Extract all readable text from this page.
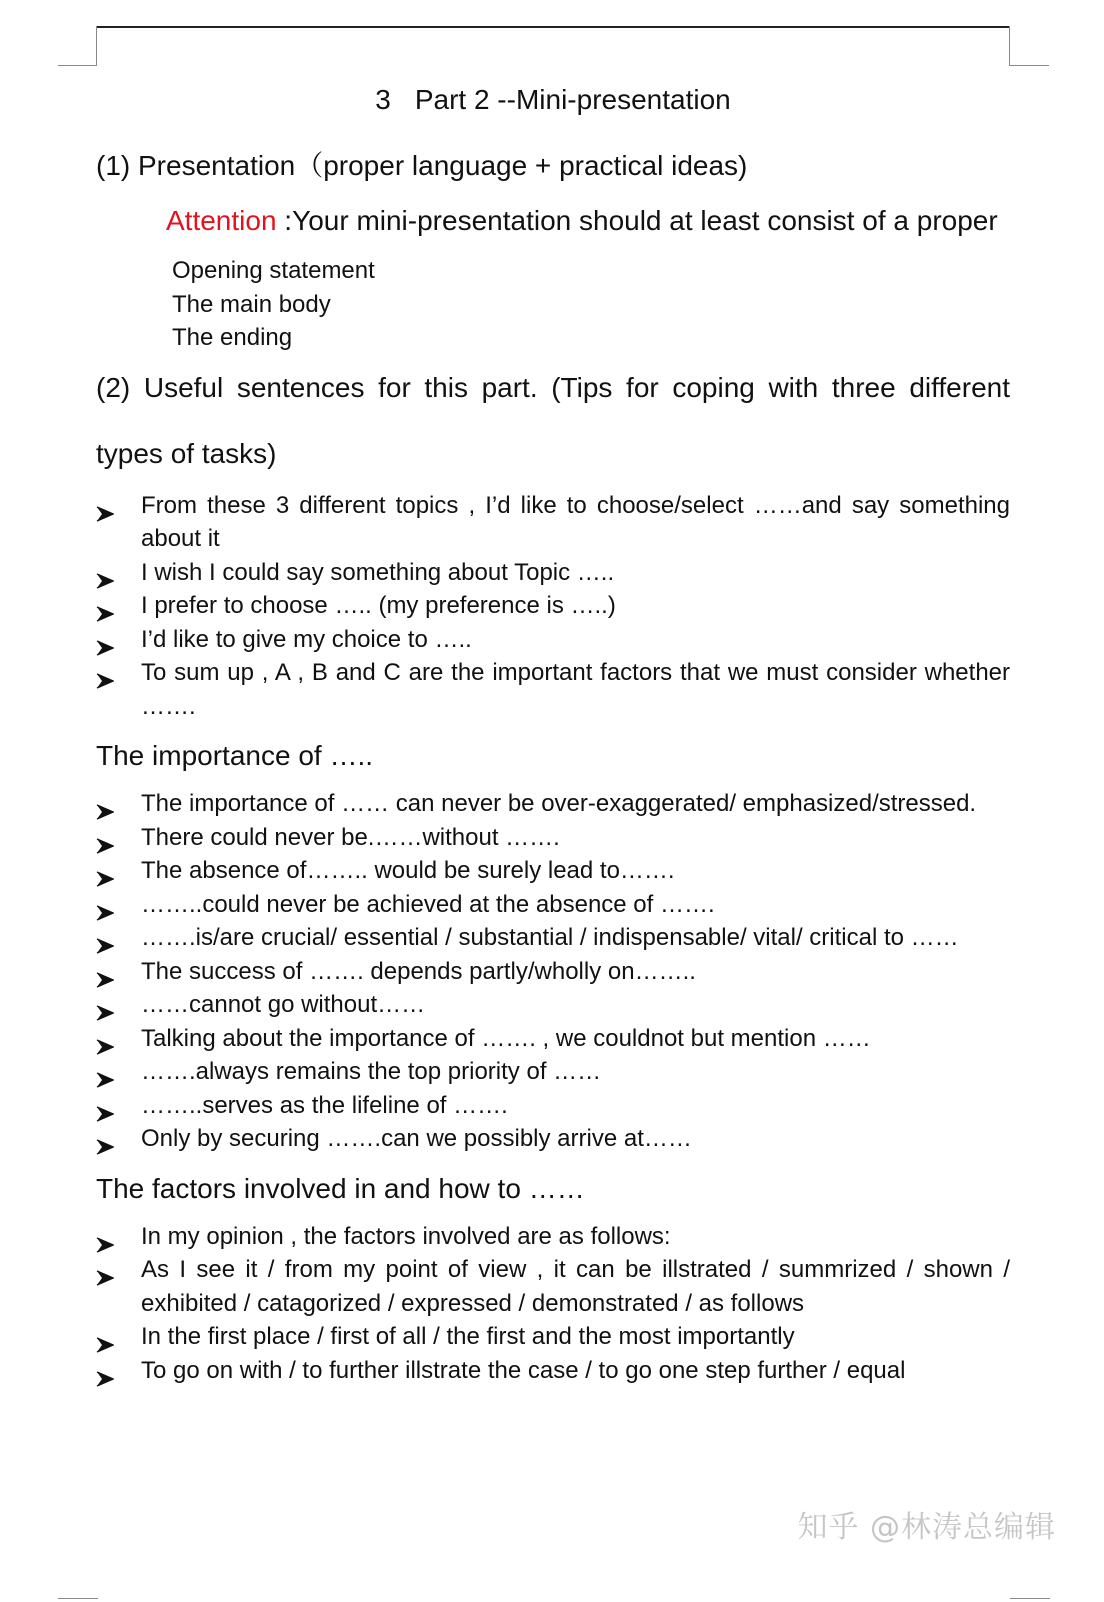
3 Part 2 --Mini-presentation

(1) Presentation（proper language + practical ideas)

Attention :Your mini-presentation should at least consist of a proper

Opening statement
The main body
The ending

(2) Useful sentences for this part. (Tips for coping with three different types of tasks)

From these 3 different topics , I’d like to choose/select ……and say something about it
I wish I could say something about Topic …..
I prefer to choose ….. (my preference is …..)
I’d like to give my choice to …..
To sum up , A , B and C are the important factors that we must consider whether …….
The importance of …..
The importance of …… can never be over-exaggerated/ emphasized/stressed.
There could never be.……without …….
The absence of…….. would be surely lead to…….
……..could never be achieved at the absence of …….
…….is/are crucial/ essential / substantial / indispensable/ vital/ critical to ……
The success of ……. depends partly/wholly on……..
……cannot go without……
Talking about the importance of ……. , we couldnot but mention ……
…….always remains the top priority of ……
……..serves as the lifeline of …….
Only by securing …….can we possibly arrive at……
The factors involved in and how to ……
In my opinion , the factors involved are as follows:
As I see it / from my point of view , it can be illstrated / summrized / shown / exhibited / catagorized / expressed / demonstrated / as follows
In the first place / first of all / the first and the most importantly
To go on with / to further illstrate the case / to go one step further / equal
知乎 @林涛总编辑
